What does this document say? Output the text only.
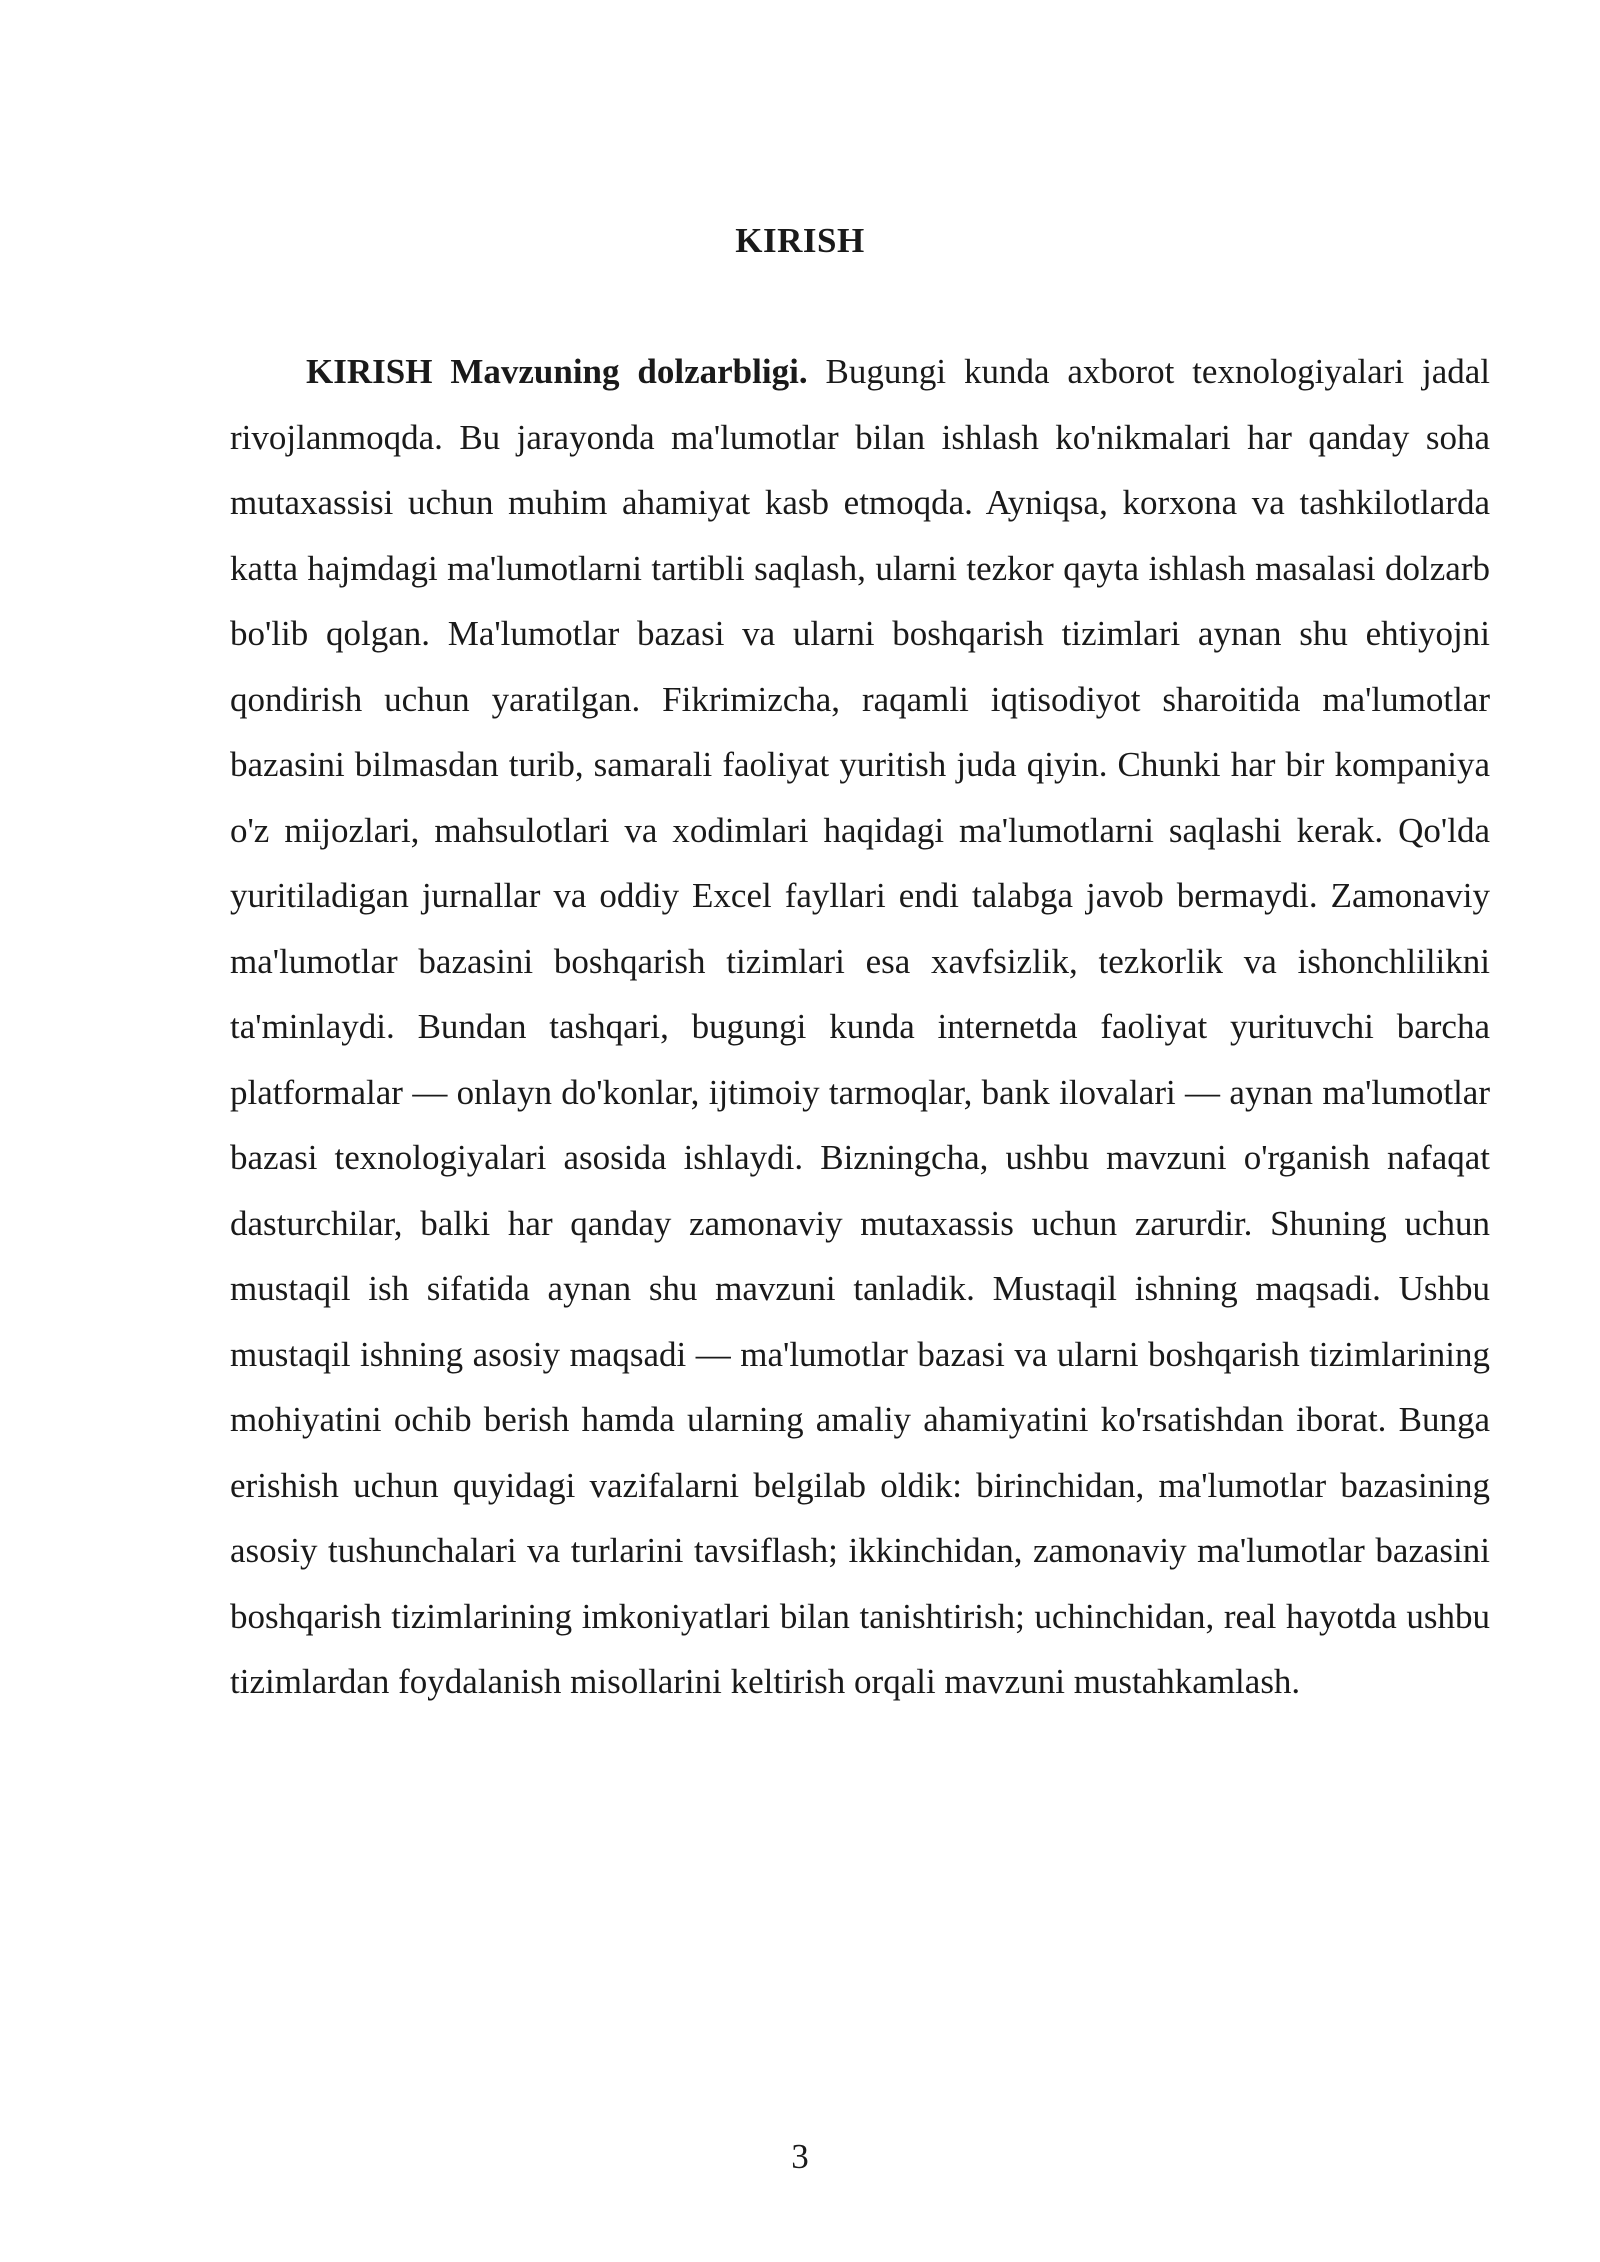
KIRISH

KIRISH Mavzuning dolzarbligi. Bugungi kunda axborot texnologiyalari jadal rivojlanmoqda. Bu jarayonda ma'lumotlar bilan ishlash ko'nikmalari har qanday soha mutaxassisi uchun muhim ahamiyat kasb etmoqda. Ayniqsa, korxona va tashkilotlarda katta hajmdagi ma'lumotlarni tartibli saqlash, ularni tezkor qayta ishlash masalasi dolzarb bo'lib qolgan. Ma'lumotlar bazasi va ularni boshqarish tizimlari aynan shu ehtiyojni qondirish uchun yaratilgan. Fikrimizcha, raqamli iqtisodiyot sharoitida ma'lumotlar bazasini bilmasdan turib, samarali faoliyat yuritish juda qiyin. Chunki har bir kompaniya o'z mijozlari, mahsulotlari va xodimlari haqidagi ma'lumotlarni saqlashi kerak. Qo'lda yuritiladigan jurnallar va oddiy Excel fayllari endi talabga javob bermaydi. Zamonaviy ma'lumotlar bazasini boshqarish tizimlari esa xavfsizlik, tezkorlik va ishonchlilikni ta'minlaydi. Bundan tashqari, bugungi kunda internetda faoliyat yurituvchi barcha platformalar — onlayn do'konlar, ijtimoiy tarmoqlar, bank ilovalari — aynan ma'lumotlar bazasi texnologiyalari asosida ishlaydi. Bizningcha, ushbu mavzuni o'rganish nafaqat dasturchilar, balki har qanday zamonaviy mutaxassis uchun zarurdir. Shuning uchun mustaqil ish sifatida aynan shu mavzuni tanladik. Mustaqil ishning maqsadi. Ushbu mustaqil ishning asosiy maqsadi — ma'lumotlar bazasi va ularni boshqarish tizimlarining mohiyatini ochib berish hamda ularning amaliy ahamiyatini ko'rsatishdan iborat. Bunga erishish uchun quyidagi vazifalarni belgilab oldik: birinchidan, ma'lumotlar bazasining asosiy tushunchalari va turlarini tavsiflash; ikkinchidan, zamonaviy ma'lumotlar bazasini boshqarish tizimlarining imkoniyatlari bilan tanishtirish; uchinchidan, real hayotda ushbu tizimlardan foydalanish misollarini keltirish orqali mavzuni mustahkamlash.

3
